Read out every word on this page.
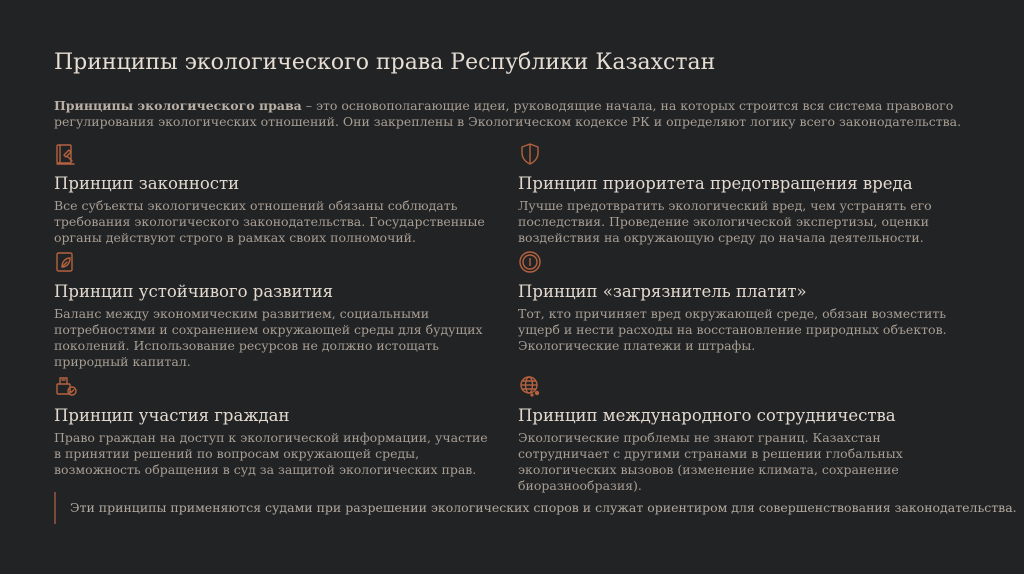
Принципы экологического права Республики Казахстан
Принципы экологического права – это основополагающие идеи, руководящие начала, на которых строится вся система правового регулирования экологических отношений. Они закреплены в Экологическом кодексе РК и определяют логику всего законодательства.
Принцип законности
Все субъекты экологических отношений обязаны соблюдать требования экологического законодательства. Государственные органы действуют строго в рамках своих полномочий.
Принцип приоритета предотвращения вреда
Лучше предотвратить экологический вред, чем устранять его последствия. Проведение экологической экспертизы, оценки воздействия на окружающую среду до начала деятельности.
Принцип устойчивого развития
Баланс между экономическим развитием, социальными потребностями и сохранением окружающей среды для будущих поколений. Использование ресурсов не должно истощать природный капитал.
Принцип «загрязнитель платит»
Тот, кто причиняет вред окружающей среде, обязан возместить ущерб и нести расходы на восстановление природных объектов. Экологические платежи и штрафы.
Принцип участия граждан
Право граждан на доступ к экологической информации, участие в принятии решений по вопросам окружающей среды, возможность обращения в суд за защитой экологических прав.
Принцип международного сотрудничества
Экологические проблемы не знают границ. Казахстан сотрудничает с другими странами в решении глобальных экологических вызовов (изменение климата, сохранение биоразнообразия).
Эти принципы применяются судами при разрешении экологических споров и служат ориентиром для совершенствования законодательства.
